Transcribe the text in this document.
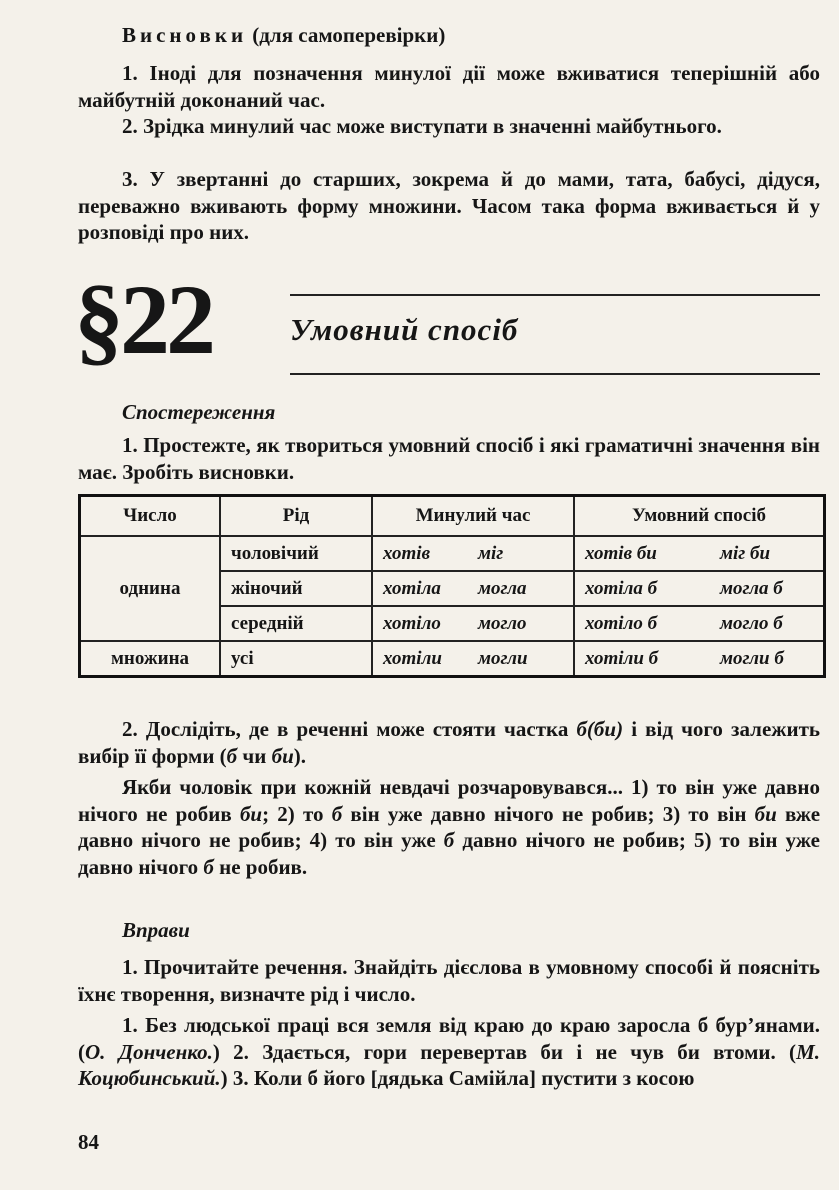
Висновки (для самоперевірки)

1. Іноді для позначення минулої дії може вживатися теперішній або майбутній доконаний час.

2. Зрідка минулий час може виступати в значенні майбутнього.

3. У звертанні до старших, зокрема й до мами, тата, бабусі, дідуся, переважно вживають форму множини. Часом така форма вживається й у розповіді про них.

§22	Умовний спосіб

Спостереження

1. Простежте, як твориться умовний спосіб і які граматичні значення він має. Зробіть висновки.

Число	Рід	Минулий час	Умовний спосіб
однина	чоловічий	хотів міг	хотів би міг би
	жіночий	хотіла могла	хотіла б могла б
	середній	хотіло могло	хотіло б могло б
множина	усі	хотіли могли	хотіли б могли б

2. Дослідіть, де в реченні може стояти частка б(би) і від чого залежить вибір її форми (б чи би).

Якби чоловік при кожній невдачі розчаровувався... 1) то він уже давно нічого не робив би; 2) то б він уже давно нічого не робив; 3) то він би вже давно нічого не робив; 4) то він уже б давно нічого не робив; 5) то він уже давно нічого б не робив.

Вправи

1. Прочитайте речення. Знайдіть дієслова в умовному способі й поясніть їхнє творення, визначте рід і число.

1. Без людської праці вся земля від краю до краю заросла б бур’янами. (О. Донченко.) 2. Здається, гори перевертав би і не чув би втоми. (М. Коцюбинський.) 3. Коли б його [дядька Самійла] пустити з косою

84
